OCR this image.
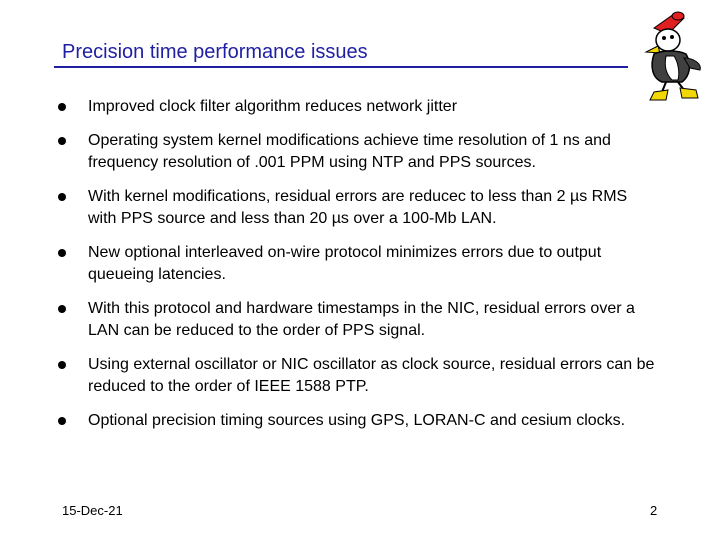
Precision time performance issues
Improved clock filter algorithm reduces network jitter
Operating system kernel modifications achieve time resolution of 1 ns and frequency resolution of .001 PPM using NTP and PPS sources.
With kernel modifications, residual errors are reducec to less than 2 µs RMS with PPS source and less than 20 µs over a 100-Mb LAN.
New optional interleaved on-wire protocol minimizes errors due to output queueing latencies.
With this protocol and hardware timestamps in the NIC, residual errors over a LAN can be reduced to the order of PPS signal.
Using external oscillator or NIC oscillator as clock source, residual errors can be reduced to the order of IEEE 1588 PTP.
Optional precision timing sources using GPS, LORAN-C and cesium clocks.
15-Dec-21	2
